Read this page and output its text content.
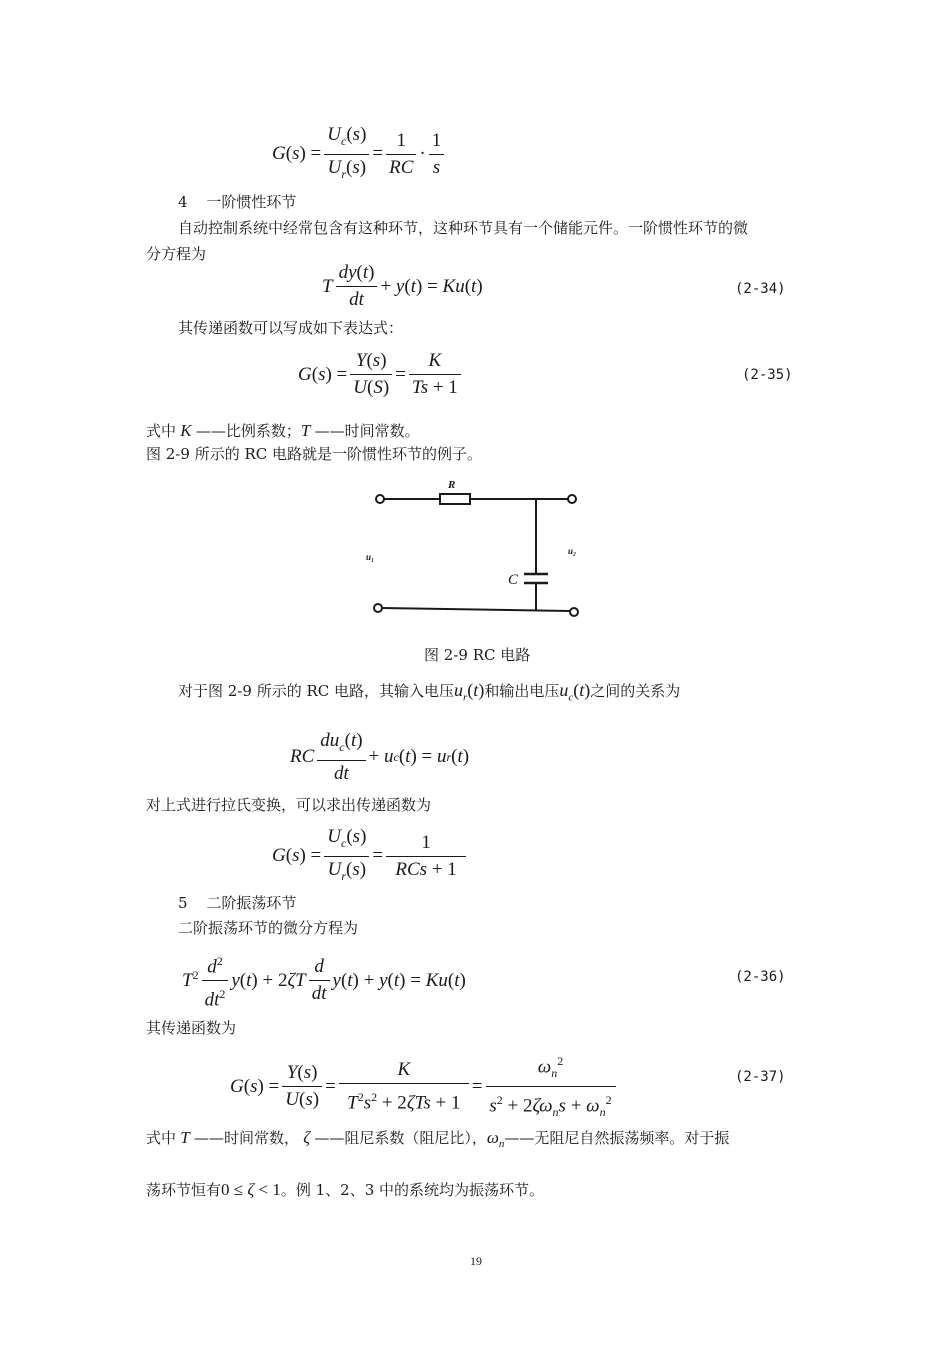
G ( s ) = $\frac{U_c(s)}{U_r(s)} = \frac{1}{RC} \cdot \frac{1}{s}$
4 一阶惯性环节
自动控制系统中经常包含有这种环节，这种环节具有一个储能元件。一阶惯性环节的微
分方程为
T $\frac{dy(t)}{dt} + y$ ( t ) = Ku ( t )	(2-34)
其传递函数可以写成如下表达式：
G ( s ) = $\frac{Y(s)}{U(S)} = \frac{K}{Ts + 1}$	(2-35)
式中 K ——比例系数；T ——时间常数。
图 2-9 所示的 RC 电路就是一阶惯性环节的例子。
R
C
u₁
u₂
图 2-9 RC 电路
对于图 2-9 所示的 RC 电路，其输入电压$u_r(t)$和输出电压$u_c(t)$之间的关系为
RC $\frac{du_c(t)}{dt} + u$ c ( t ) = u r ( t )
对上式进行拉氏变换，可以求出传递函数为
G ( s ) = $\frac{U_c(s)}{U_r(s)} = \frac{1}{\text{RCs + 1}}$
5 二阶振荡环节
二阶振荡环节的微分方程为
$T^2 \frac{d^2}{dt^2}$ y ( t ) + 2 ζT $\frac{d}{dt}$ y ( t ) + y ( t ) = Ku ( t )	(2-36)
其传递函数为
G ( s ) = $\frac{Y(s)}{U(s)} = \frac{K}{T^2s^2 + 2\zeta Ts + 1} = \frac{\omega_n^2}{s^2 + 2\zeta\omega_ns + \omega_n^2}$	(2-37)
式中 T ——时间常数， ζ ——阻尼系数（阻尼比），$\omega_n——$无阻尼自然振荡频率。对于振
荡环节恒有0 ≤ ζ < 1。例 1、2、3 中的系统均为振荡环节。
19
